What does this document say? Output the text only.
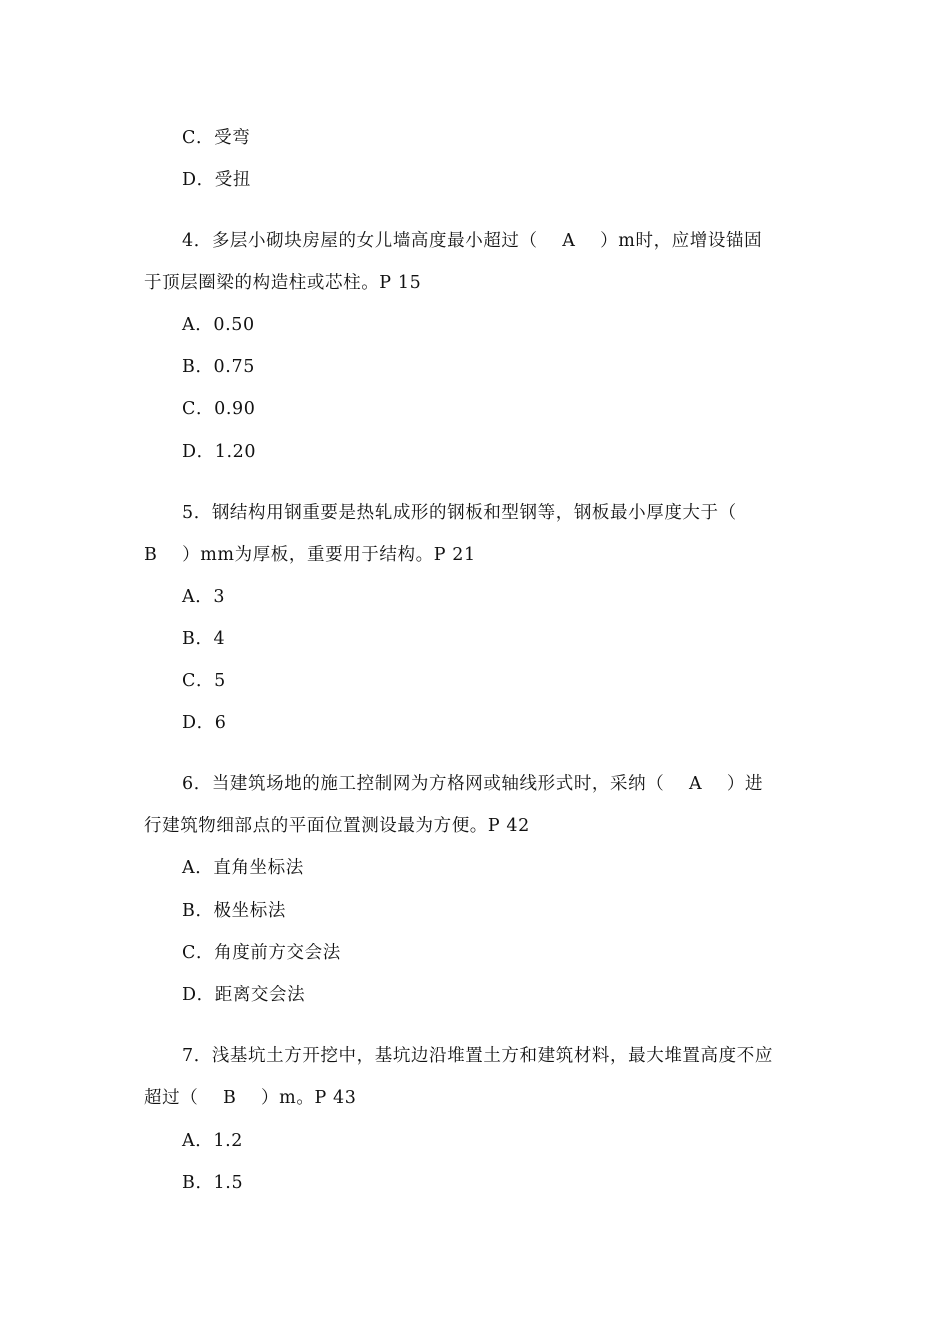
C．受弯
D．受扭
4．多层小砌块房屋的女儿墙高度最小超过（    A    ）m时，应增设锚固
于顶层圈梁的构造柱或芯柱。P 15
A．0.50
B．0.75
C．0.90
D．1.20
5．钢结构用钢重要是热轧成形的钢板和型钢等，钢板最小厚度大于（
B    ）mm为厚板，重要用于结构。P 21
A．3
B．4
C．5
D．6
6．当建筑场地的施工控制网为方格网或轴线形式时，采纳（    A    ）进
行建筑物细部点的平面位置测设最为方便。P 42
A．直角坐标法
B．极坐标法
C．角度前方交会法
D．距离交会法
7．浅基坑土方开挖中，基坑边沿堆置土方和建筑材料，最大堆置高度不应
超过（    B    ）m。P 43
A．1.2
B．1.5
